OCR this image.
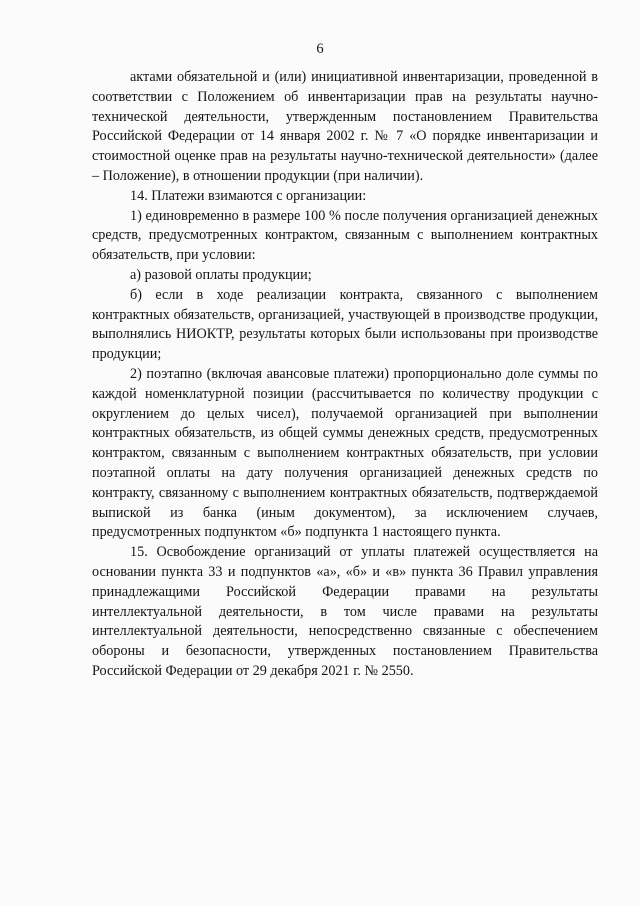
6

актами обязательной и (или) инициативной инвентаризации, проведенной в соответствии с Положением об инвентаризации прав на результаты научно-технической деятельности, утвержденным постановлением Правительства Российской Федерации от 14 января 2002 г. № 7 «О порядке инвентаризации и стоимостной оценке прав на результаты научно-технической деятельности» (далее – Положение), в отношении продукции (при наличии).

14. Платежи взимаются с организации:

1) единовременно в размере 100 % после получения организацией денежных средств, предусмотренных контрактом, связанным с выполнением контрактных обязательств, при условии:

а) разовой оплаты продукции;

б) если в ходе реализации контракта, связанного с выполнением контрактных обязательств, организацией, участвующей в производстве продукции, выполнялись НИОКТР, результаты которых были использованы при производстве продукции;

2) поэтапно (включая авансовые платежи) пропорционально доле суммы по каждой номенклатурной позиции (рассчитывается по количеству продукции с округлением до целых чисел), получаемой организацией при выполнении контрактных обязательств, из общей суммы денежных средств, предусмотренных контрактом, связанным с выполнением контрактных обязательств, при условии поэтапной оплаты на дату получения организацией денежных средств по контракту, связанному с выполнением контрактных обязательств, подтверждаемой выпиской из банка (иным документом), за исключением случаев, предусмотренных подпунктом «б» подпункта 1 настоящего пункта.

15. Освобождение организаций от уплаты платежей осуществляется на основании пункта 33 и подпунктов «а», «б» и «в» пункта 36 Правил управления принадлежащими Российской Федерации правами на результаты интеллектуальной деятельности, в том числе правами на результаты интеллектуальной деятельности, непосредственно связанные с обеспечением обороны и безопасности, утвержденных постановлением Правительства Российской Федерации от 29 декабря 2021 г. № 2550.
